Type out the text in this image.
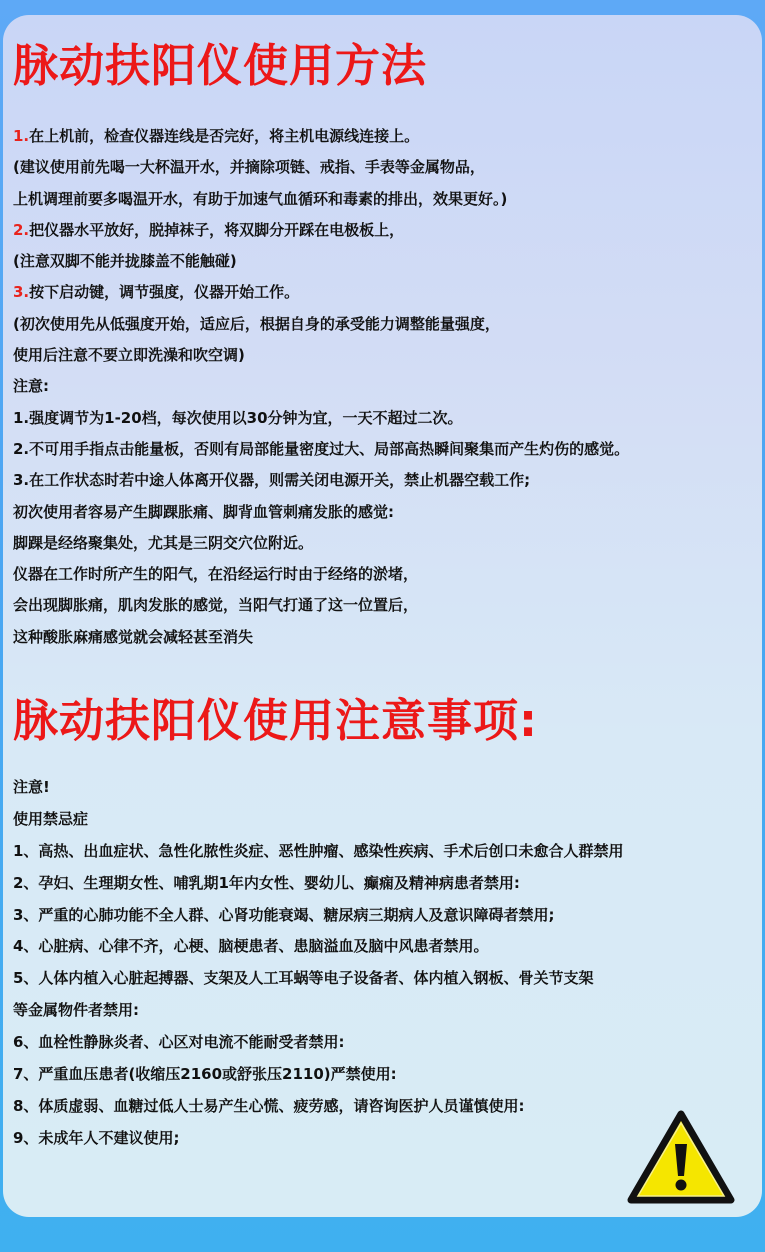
脉动扶阳仪使用方法
1.在上机前，检查仪器连线是否完好，将主机电源线连接上。
(建议使用前先喝一大杯温开水，并摘除项链、戒指、手表等金属物品，
上机调理前要多喝温开水，有助于加速气血循环和毒素的排出，效果更好。)
2.把仪器水平放好，脱掉袜子，将双脚分开踩在电极板上，
(注意双脚不能并拢膝盖不能触碰)
3.按下启动键，调节强度，仪器开始工作。
(初次使用先从低强度开始，适应后，根据自身的承受能力调整能量强度，
使用后注意不要立即洗澡和吹空调)
注意:
1.强度调节为1-20档，每次使用以30分钟为宜，一天不超过二次。
2.不可用手指点击能量板，否则有局部能量密度过大、局部高热瞬间聚集而产生灼伤的感觉。
3.在工作状态时若中途人体离开仪器，则需关闭电源开关，禁止机器空载工作;
初次使用者容易产生脚踝胀痛、脚背血管刺痛发胀的感觉:
脚踝是经络聚集处，尤其是三阴交穴位附近。
仪器在工作时所产生的阳气，在沿经运行时由于经络的淤堵，
会出现脚胀痛，肌肉发胀的感觉，当阳气打通了这一位置后，
这种酸胀麻痛感觉就会减轻甚至消失
脉动扶阳仪使用注意事项:
注意!
使用禁忌症
1、高热、出血症状、急性化脓性炎症、恶性肿瘤、感染性疾病、手术后创口未愈合人群禁用
2、孕妇、生理期女性、哺乳期1年内女性、婴幼儿、癫痫及精神病患者禁用:
3、严重的心肺功能不全人群、心肾功能衰竭、糖尿病三期病人及意识障碍者禁用;
4、心脏病、心律不齐，心梗、脑梗患者、患脑溢血及脑中风患者禁用。
5、人体内植入心脏起搏器、支架及人工耳蜗等电子设备者、体内植入钢板、骨关节支架
等金属物件者禁用:
6、血栓性静脉炎者、心区对电流不能耐受者禁用:
7、严重血压患者(收缩压2160或舒张压2110)严禁使用:
8、体质虚弱、血糖过低人士易产生心慌、疲劳感，请咨询医护人员谨慎使用:
9、未成年人不建议使用;
